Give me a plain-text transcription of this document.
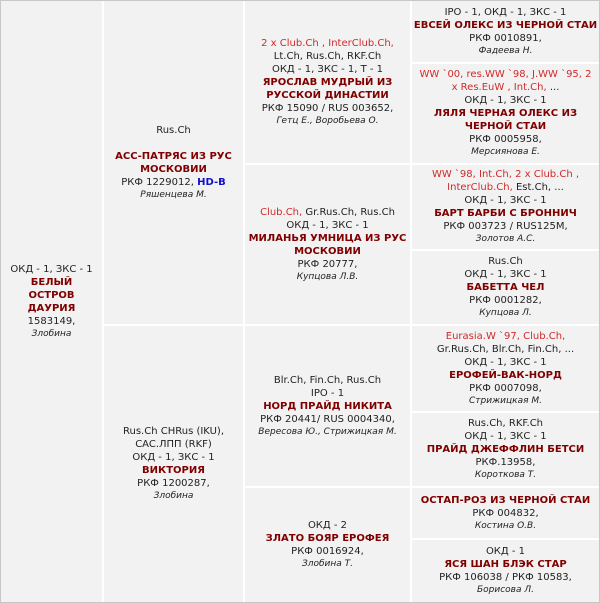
ОКД - 1, ЗКС - 1
БЕЛЫЙ ОСТРОВ ДАУРИЯ
1583149,
Злобина
Rus.Ch
АСС-ПАТРЯС ИЗ РУС МОСКОВИИ
РКФ 1229012, HD-B
Ряшенцева М.
Rus.Ch CHRus (IKU),
CAC.ЛПП (RKF)
ОКД - 1, ЗКС - 1
ВИКТОРИЯ
РКФ 1200287,
Злобина
2 x Club.Ch , InterClub.Ch,
Lt.Ch, Rus.Ch, RKF.Ch
ОКД - 1, ЗКС - 1, Т - 1
ЯРОСЛАВ МУДРЫЙ ИЗ РУССКОЙ ДИНАСТИИ
РКФ 15090 / RUS 003652,
Гетц Е., Воробьева О.
Club.Ch, Gr.Rus.Ch, Rus.Ch
ОКД - 1, ЗКС - 1
МИЛАНЬЯ УМНИЦА ИЗ РУС МОСКОВИИ
РКФ 20777,
Купцова Л.В.
Blr.Ch, Fin.Ch, Rus.Ch
IPO - 1
НОРД ПРАЙД НИКИТА
РКФ 20441/ RUS 0004340,
Вересова Ю., Стрижицкая М.
ОКД - 2
ЗЛАТО БОЯР ЕРОФЕЯ
РКФ 0016924,
Злобина Т.
IPO - 1, ОКД - 1, ЗКС - 1
ЕВСЕЙ ОЛЕКС ИЗ ЧЕРНОЙ СТАИ
РКФ 0010891,
Фадеева Н.
WW `00, res.WW `98, J.WW `95, 2
x Res.EuW , Int.Ch, ...
ОКД - 1, ЗКС - 1
ЛЯЛЯ ЧЕРНАЯ ОЛЕКС ИЗ ЧЕРНОЙ СТАИ
РКФ 0005958,
Мерсиянова Е.
WW `98, Int.Ch, 2 x Club.Ch ,
InterClub.Ch, Est.Ch, ...
ОКД - 1, ЗКС - 1
БАРТ БАРБИ С БРОННИЧ
РКФ 003723 / RUS125M,
Золотов А.С.
Rus.Ch
ОКД - 1, ЗКС - 1
БАБЕТТА ЧЕЛ
РКФ 0001282,
Купцова Л.
Eurasia.W `97, Club.Ch,
Gr.Rus.Ch, Blr.Ch, Fin.Ch, ...
ОКД - 1, ЗКС - 1
ЕРОФЕЙ-ВАК-НОРД
РКФ 0007098,
Стрижицкая М.
Rus.Ch, RKF.Ch
ОКД - 1, ЗКС - 1
ПРАЙД ДЖЕФФЛИН БЕТСИ
РКФ.13958,
Короткова Т.
ОСТАП-РОЗ ИЗ ЧЕРНОЙ СТАИ
РКФ 004832,
Костина О.В.
ОКД - 1
ЯСЯ ШАН БЛЭК СТАР
РКФ 106038 / РКФ 10583,
Борисова Л.
